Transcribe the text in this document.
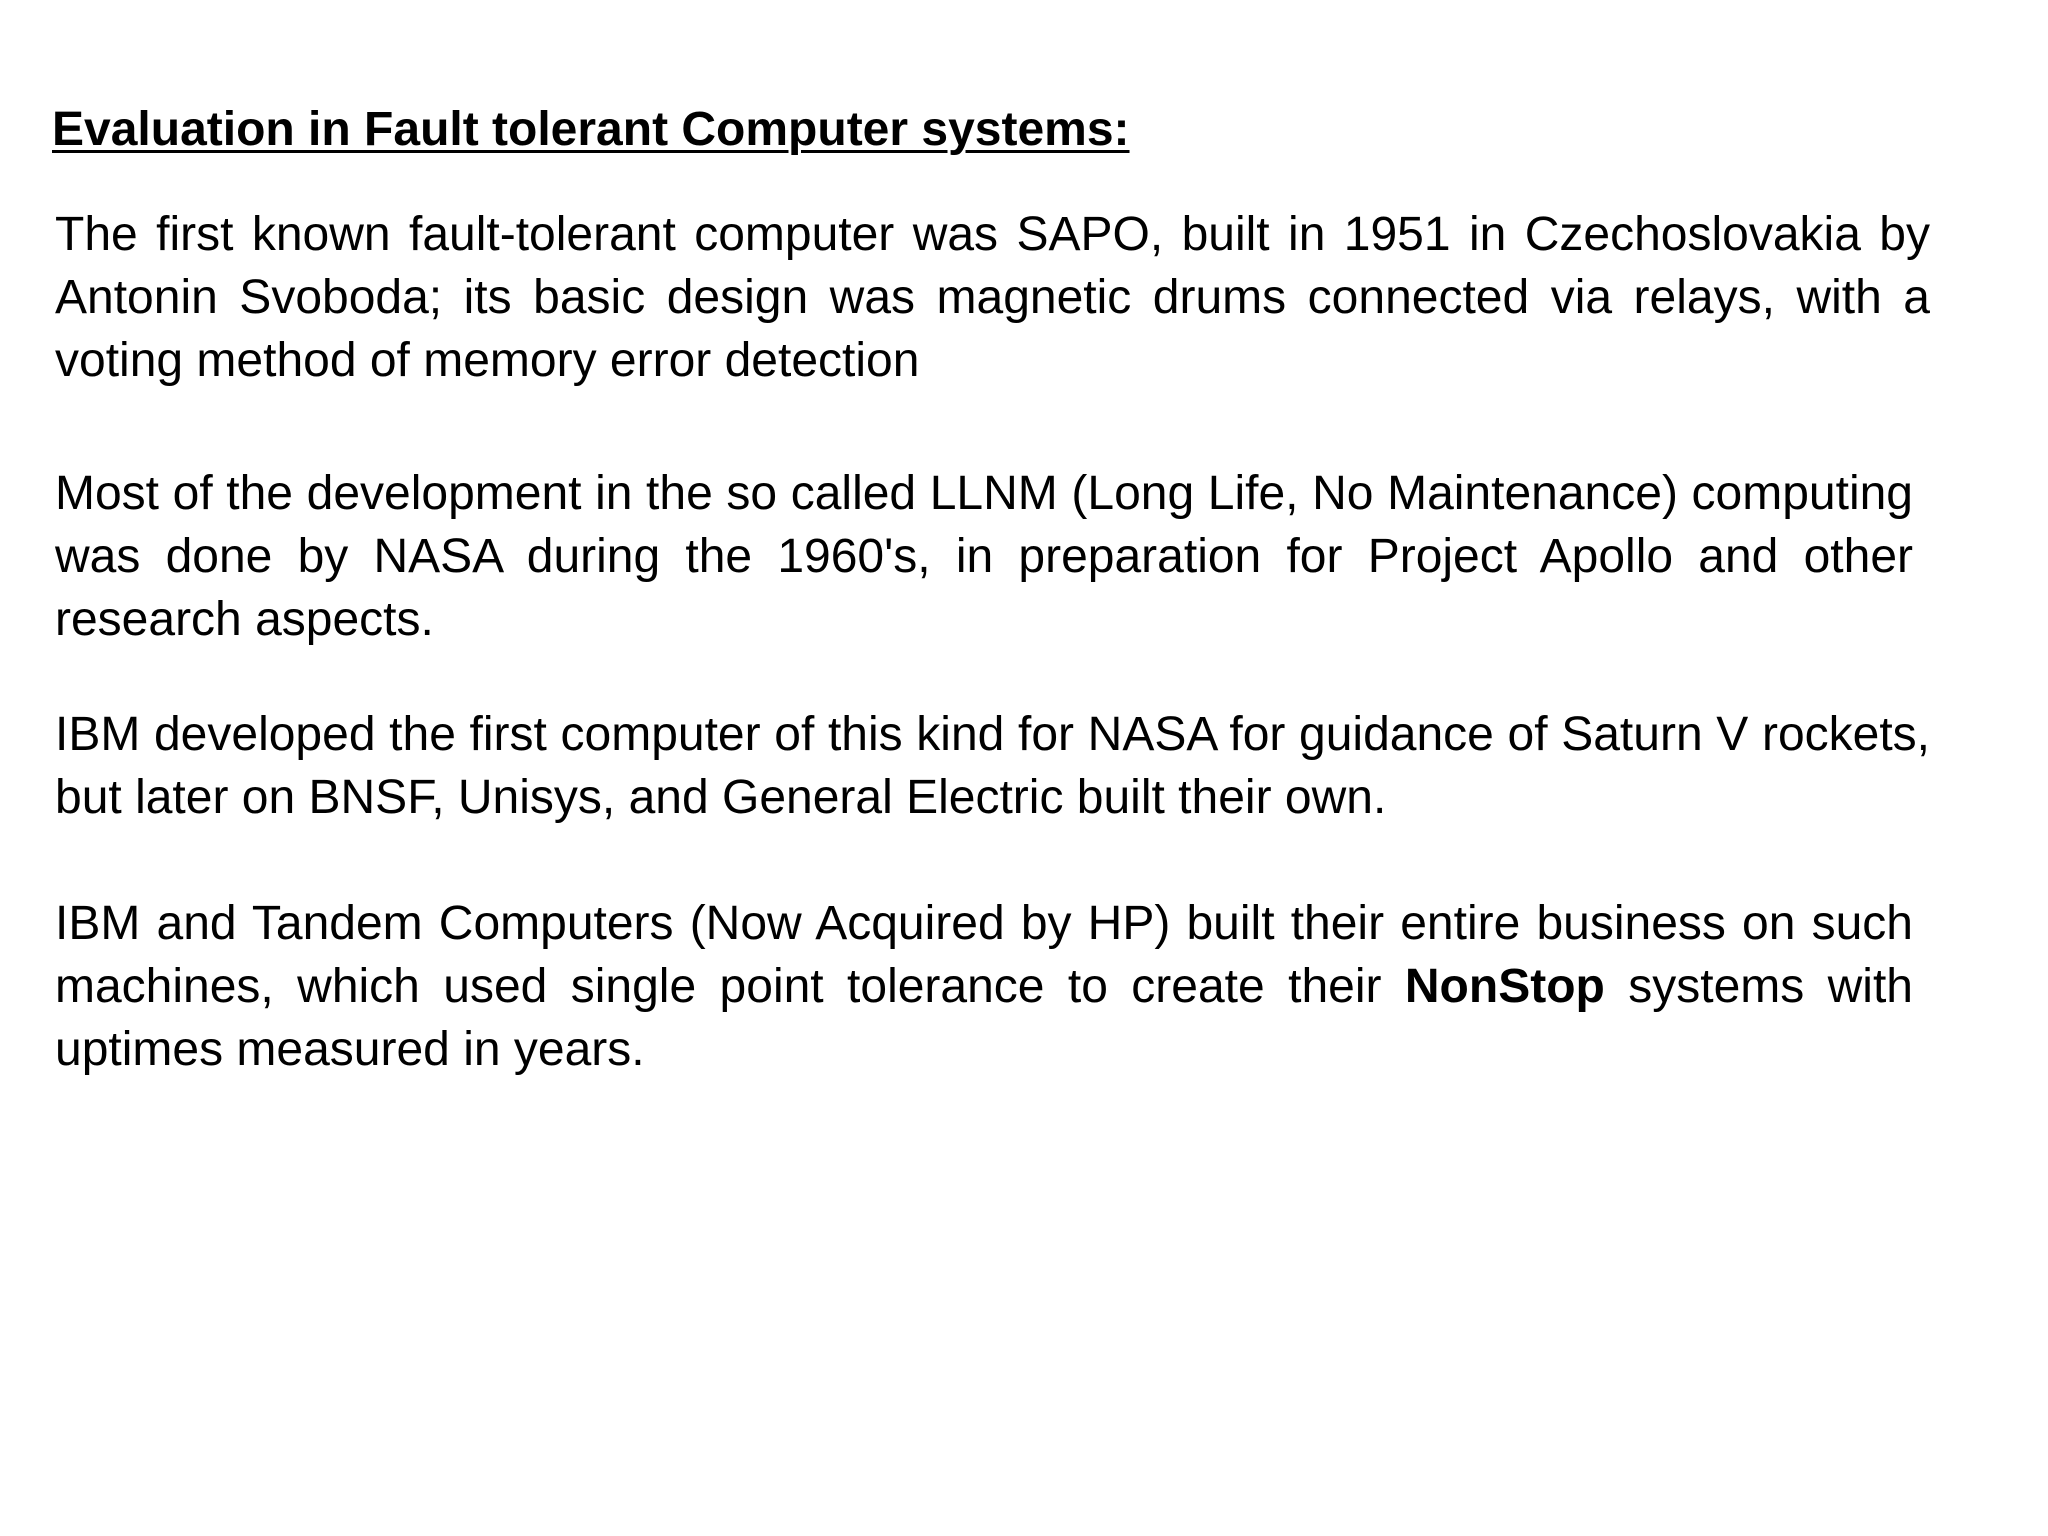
Evaluation in Fault tolerant Computer systems:

The first known fault-tolerant computer was SAPO, built in 1951 in Czechoslovakia by Antonin Svoboda; its basic design was magnetic drums connected via relays, with a voting method of memory error detection

Most of the development in the so called LLNM (Long Life, No Maintenance) computing was done by NASA during the 1960's, in preparation for Project Apollo and other research aspects.

IBM developed the first computer of this kind for NASA for guidance of Saturn V rockets, but later on BNSF, Unisys, and General Electric built their own.

IBM and Tandem Computers (Now Acquired by HP) built their entire business on such machines, which used single point tolerance to create their NonStop systems with uptimes measured in years.
